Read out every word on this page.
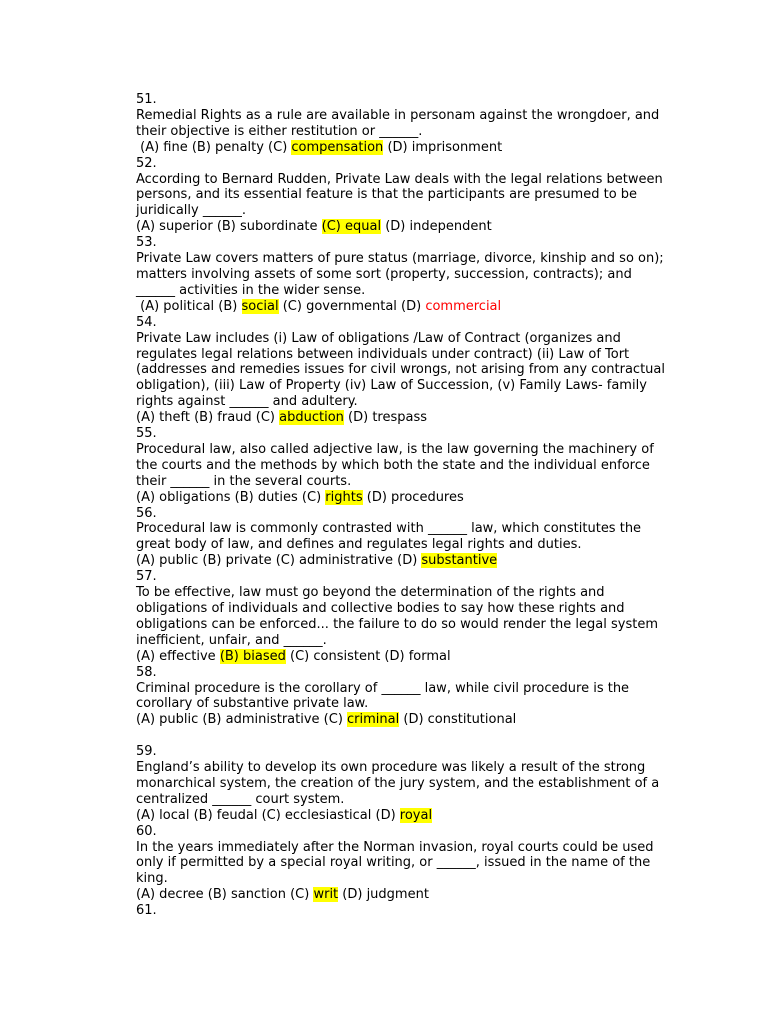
51.
Remedial Rights as a rule are available in personam against the wrongdoer, and
their objective is either restitution or ______.
(A) fine (B) penalty (C) compensation (D) imprisonment
52.
According to Bernard Rudden, Private Law deals with the legal relations between
persons, and its essential feature is that the participants are presumed to be
juridically ______.
(A) superior (B) subordinate (C) equal (D) independent
53.
Private Law covers matters of pure status (marriage, divorce, kinship and so on);
matters involving assets of some sort (property, succession, contracts); and
______ activities in the wider sense.
(A) political (B) social (C) governmental (D) commercial
54.
Private Law includes (i) Law of obligations /Law of Contract (organizes and
regulates legal relations between individuals under contract) (ii) Law of Tort
(addresses and remedies issues for civil wrongs, not arising from any contractual
obligation), (iii) Law of Property (iv) Law of Succession, (v) Family Laws- family
rights against ______ and adultery.
(A) theft (B) fraud (C) abduction (D) trespass
55.
Procedural law, also called adjective law, is the law governing the machinery of
the courts and the methods by which both the state and the individual enforce
their ______ in the several courts.
(A) obligations (B) duties (C) rights (D) procedures
56.
Procedural law is commonly contrasted with ______ law, which constitutes the
great body of law, and defines and regulates legal rights and duties.
(A) public (B) private (C) administrative (D) substantive
57.
To be effective, law must go beyond the determination of the rights and
obligations of individuals and collective bodies to say how these rights and
obligations can be enforced... the failure to do so would render the legal system
inefficient, unfair, and ______.
(A) effective (B) biased (C) consistent (D) formal
58.
Criminal procedure is the corollary of ______ law, while civil procedure is the
corollary of substantive private law.
(A) public (B) administrative (C) criminal (D) constitutional
59.
England’s ability to develop its own procedure was likely a result of the strong
monarchical system, the creation of the jury system, and the establishment of a
centralized ______ court system.
(A) local (B) feudal (C) ecclesiastical (D) royal
60.
In the years immediately after the Norman invasion, royal courts could be used
only if permitted by a special royal writing, or ______, issued in the name of the
king.
(A) decree (B) sanction (C) writ (D) judgment
61.
